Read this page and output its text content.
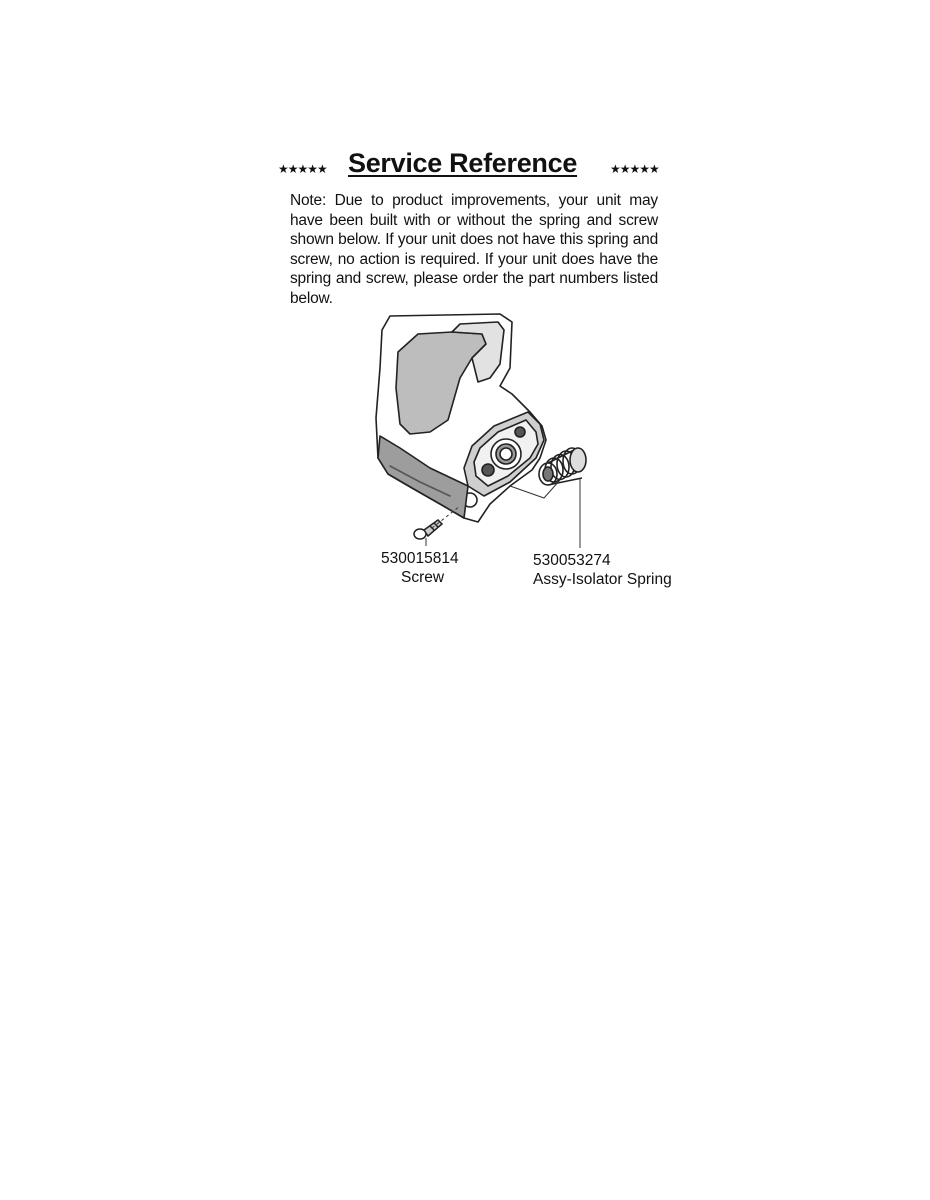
★★★★★ Service Reference	★★★★★
Note: Due to product improvements, your unit may have been built with or without the spring and screw shown below. If your unit does not have this spring and screw, no action is required. If your unit does have the spring and screw, please order the part numbers listed below.
530015814
Screw
530053274
Assy-Isolator Spring
